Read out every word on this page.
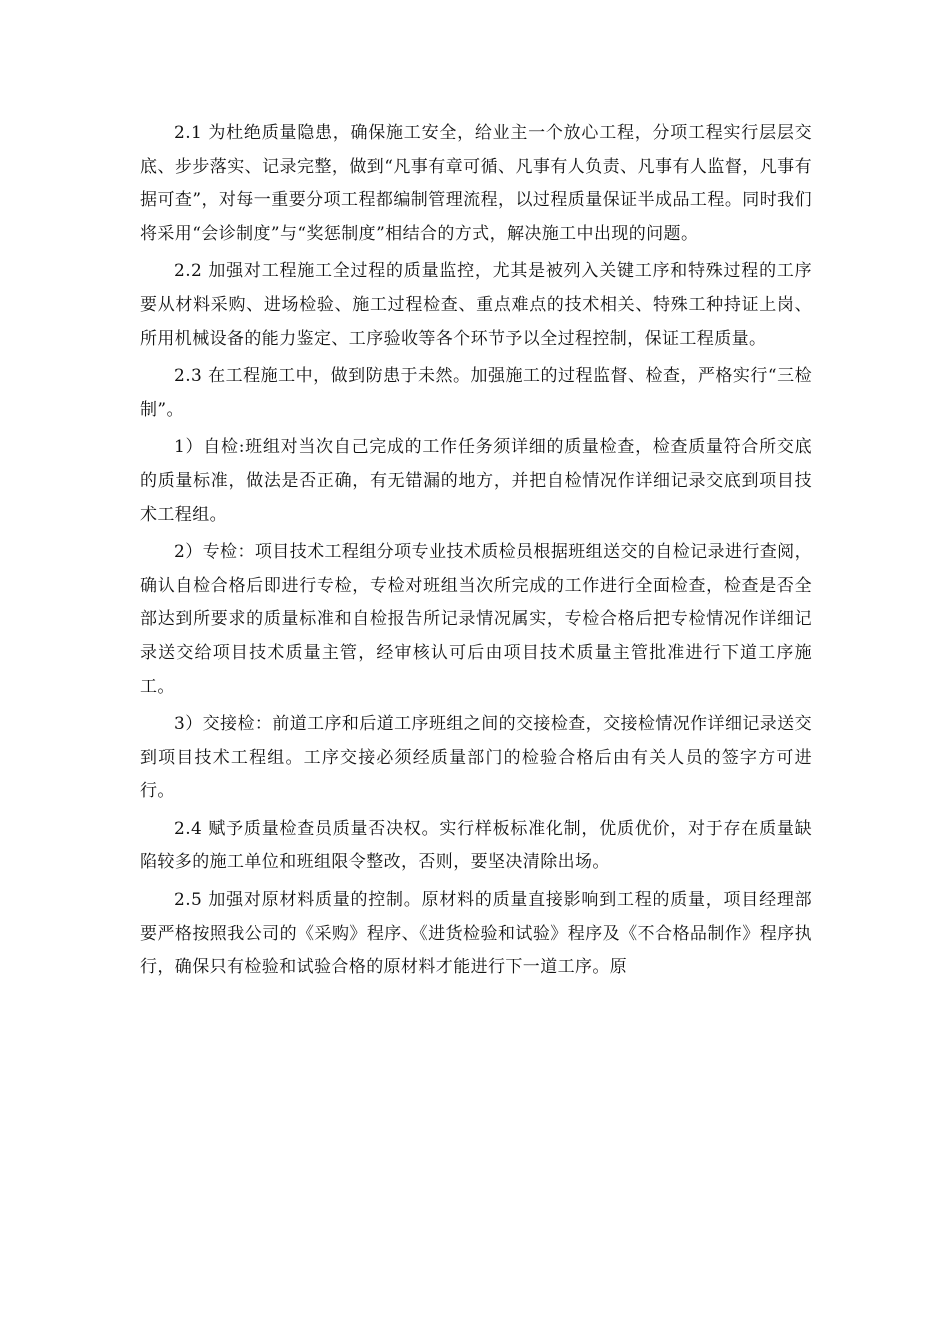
2.1 为杜绝质量隐患，确保施工安全，给业主一个放心工程，分项工程实行层层交底、步步落实、记录完整，做到“凡事有章可循、凡事有人负责、凡事有人监督，凡事有据可查”，对每一重要分项工程都编制管理流程，以过程质量保证半成品工程。同时我们将采用“会诊制度”与“奖惩制度”相结合的方式，解决施工中出现的问题。

2.2 加强对工程施工全过程的质量监控，尤其是被列入关键工序和特殊过程的工序要从材料采购、进场检验、施工过程检查、重点难点的技术相关、特殊工种持证上岗、所用机械设备的能力鉴定、工序验收等各个环节予以全过程控制，保证工程质量。

2.3 在工程施工中，做到防患于未然。加强施工的过程监督、检查，严格实行“三检制”。

1）自检:班组对当次自己完成的工作任务须详细的质量检查，检查质量符合所交底的质量标准，做法是否正确，有无错漏的地方，并把自检情况作详细记录交底到项目技术工程组。

2）专检：项目技术工程组分项专业技术质检员根据班组送交的自检记录进行查阅，确认自检合格后即进行专检，专检对班组当次所完成的工作进行全面检查，检查是否全部达到所要求的质量标准和自检报告所记录情况属实，专检合格后把专检情况作详细记录送交给项目技术质量主管，经审核认可后由项目技术质量主管批准进行下道工序施工。

3）交接检：前道工序和后道工序班组之间的交接检查，交接检情况作详细记录送交到项目技术工程组。工序交接必须经质量部门的检验合格后由有关人员的签字方可进行。

2.4 赋予质量检查员质量否决权。实行样板标准化制，优质优价，对于存在质量缺陷较多的施工单位和班组限令整改，否则，要坚决清除出场。

2.5 加强对原材料质量的控制。原材料的质量直接影响到工程的质量，项目经理部要严格按照我公司的《采购》程序、《进货检验和试验》程序及《不合格品制作》程序执行，确保只有检验和试验合格的原材料才能进行下一道工序。原
